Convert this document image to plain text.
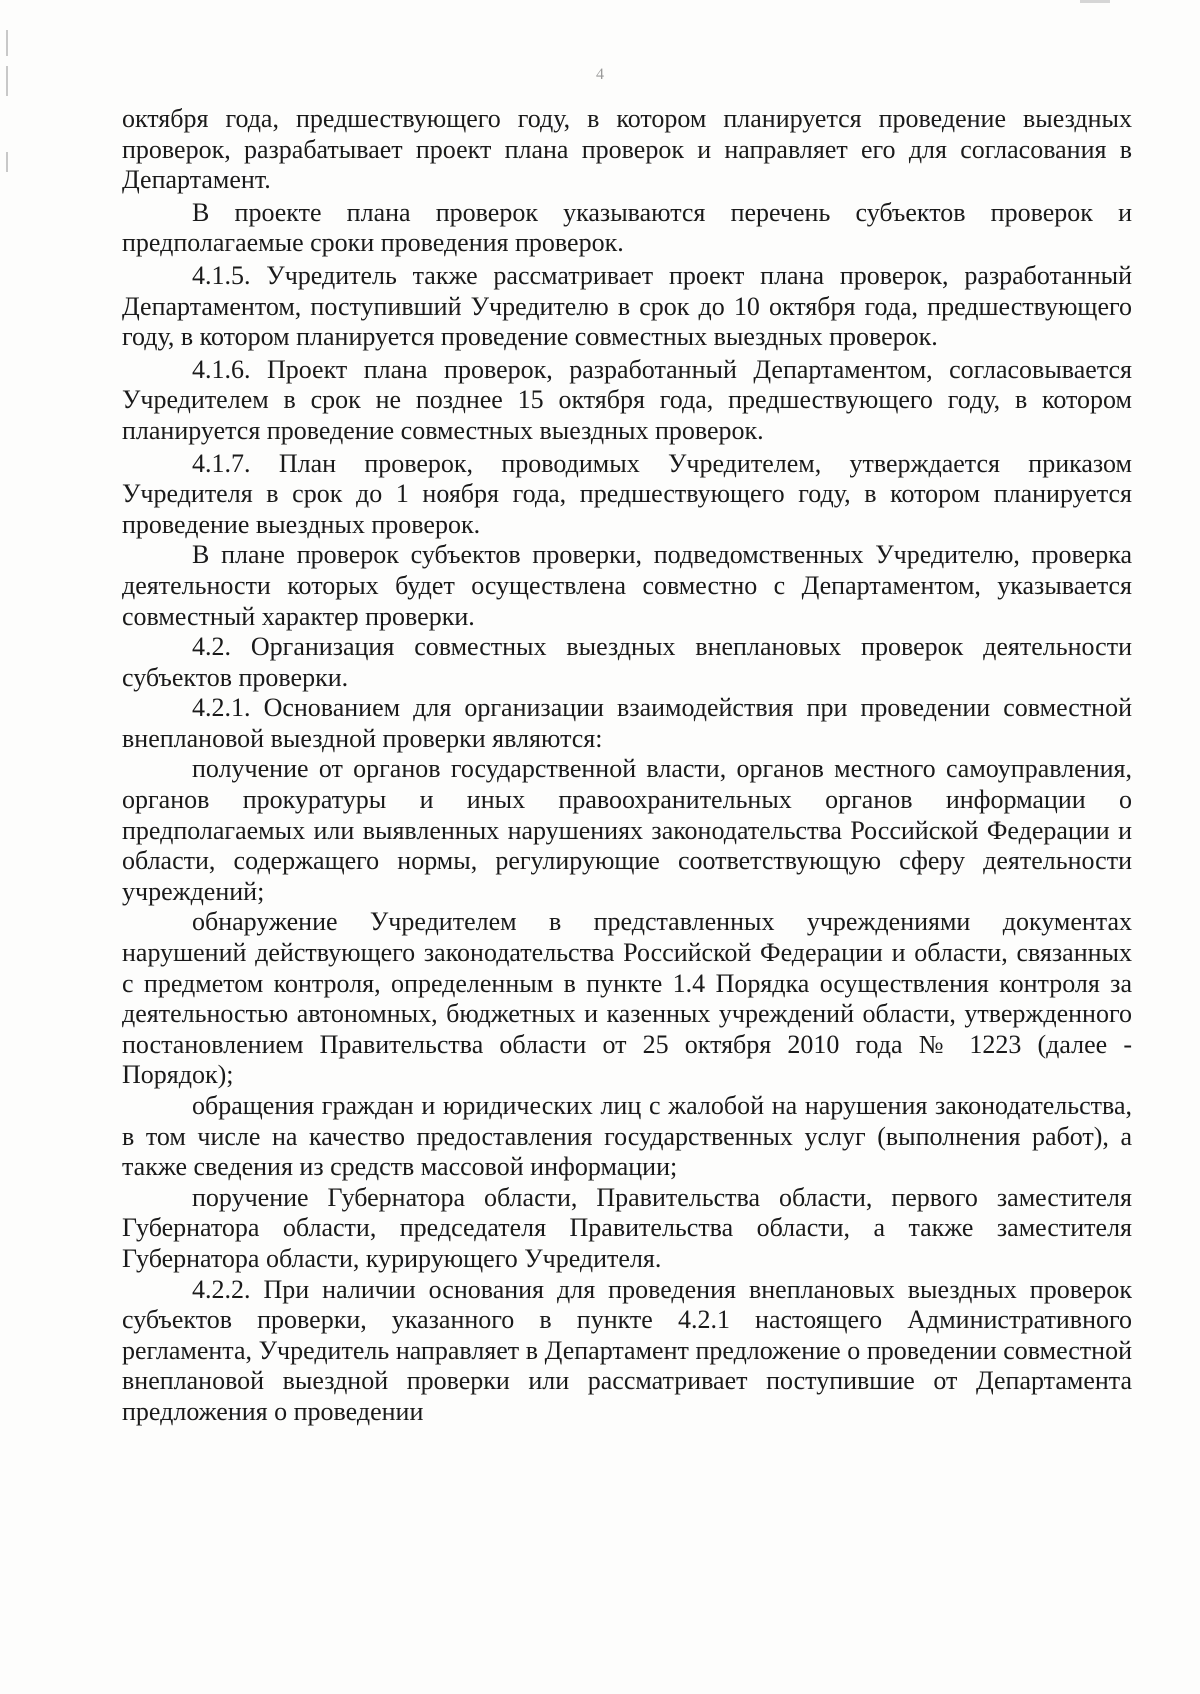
4

октября года, предшествующего году, в котором планируется проведение выездных проверок, разрабатывает проект плана проверок и направляет его для согласования в Департамент.

В проекте плана проверок указываются перечень субъектов проверок и предполагаемые сроки проведения проверок.

4.1.5. Учредитель также рассматривает проект плана проверок, разработанный Департаментом, поступивший Учредителю в срок до 10 октября года, предшествующего году, в котором планируется проведение совместных выездных проверок.

4.1.6. Проект плана проверок, разработанный Департаментом, согласовывается Учредителем в срок не позднее 15 октября года, предшествующего году, в котором планируется проведение совместных выездных проверок.

4.1.7. План проверок, проводимых Учредителем, утверждается приказом Учредителя в срок до 1 ноября года, предшествующего году, в котором планируется проведение выездных проверок.

В плане проверок субъектов проверки, подведомственных Учредителю, проверка деятельности которых будет осуществлена совместно с Департаментом, указывается совместный характер проверки.

4.2. Организация совместных выездных внеплановых проверок деятельности субъектов проверки.

4.2.1. Основанием для организации взаимодействия при проведении совместной внеплановой выездной проверки являются:

получение от органов государственной власти, органов местного самоуправления, органов прокуратуры и иных правоохранительных органов информации о предполагаемых или выявленных нарушениях законодательства Российской Федерации и области, содержащего нормы, регулирующие соответствующую сферу деятельности учреждений;

обнаружение Учредителем в представленных учреждениями документах нарушений действующего законодательства Российской Федерации и области, связанных с предметом контроля, определенным в пункте 1.4 Порядка осуществления контроля за деятельностью автономных, бюджетных и казенных учреждений области, утвержденного постановлением Правительства области от 25 октября 2010 года № 1223 (далее - Порядок);

обращения граждан и юридических лиц с жалобой на нарушения законодательства, в том числе на качество предоставления государственных услуг (выполнения работ), а также сведения из средств массовой информации;

поручение Губернатора области, Правительства области, первого заместителя Губернатора области, председателя Правительства области, а также заместителя Губернатора области, курирующего Учредителя.

4.2.2. При наличии основания для проведения внеплановых выездных проверок субъектов проверки, указанного в пункте 4.2.1 настоящего Административного регламента, Учредитель направляет в Департамент предложение о проведении совместной внеплановой выездной проверки или рассматривает поступившие от Департамента предложения о проведении
